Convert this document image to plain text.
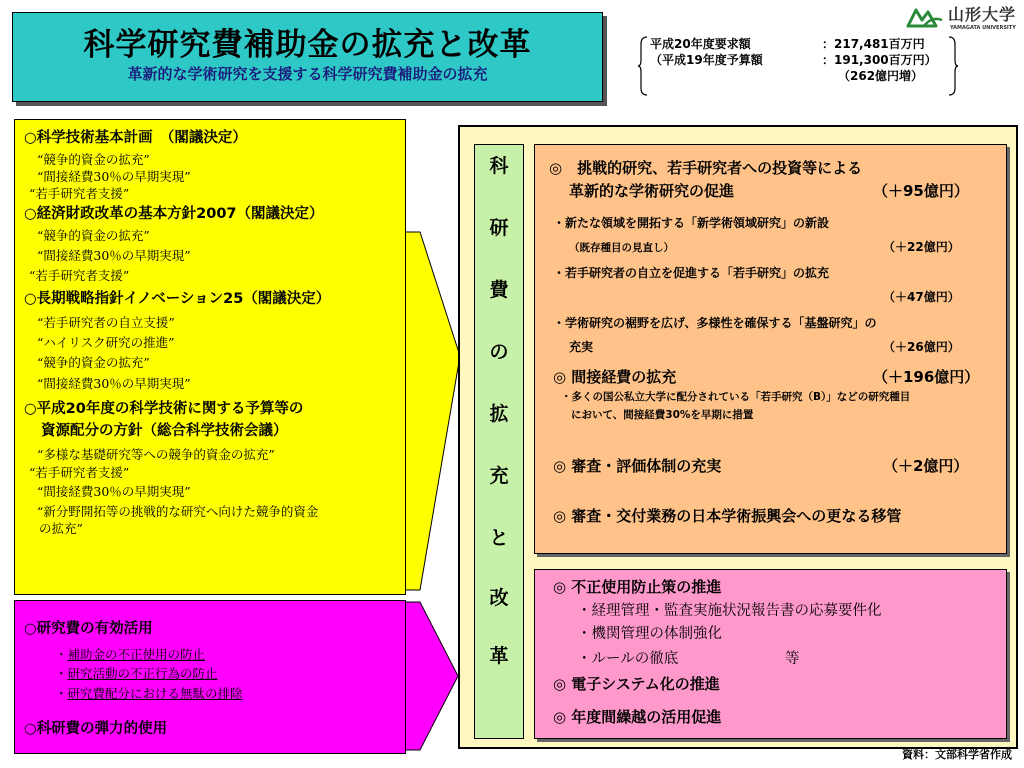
科学研究費補助金の拡充と改革
革新的な学術研究を支援する科学研究費補助金の拡充
山形大学
YAMAGATA UNIVERSITY
平成20年度要求額	：217,481百万円
（平成19年度予算額	：191,300百万円）
（262億円増）
○科学技術基本計画　（閣議決定）
“競争的資金の拡充”
“間接経費30％の早期実現”
“若手研究者支援”
○経済財政改革の基本方針2007（閣議決定）
“競争的資金の拡充”
“間接経費30％の早期実現”
“若手研究者支援”
○長期戦略指針イノベーション25（閣議決定）
“若手研究者の自立支援”
“ハイリスク研究の推進”
“競争的資金の拡充”
“間接経費30％の早期実現”
○平成20年度の科学技術に関する予算等の
資源配分の方針（総合科学技術会議）
“多様な基礎研究等への競争的資金の拡充”
“若手研究者支援”
“間接経費30％の早期実現”
“新分野開拓等の挑戦的な研究へ向けた競争的資金
の拡充”
○研究費の有効活用
・補助金の不正使用の防止
・研究活動の不正行為の防止
・研究費配分における無駄の排除
○科研費の弾力的使用
科
研
費
の
拡
充
と
改
革
◎　挑戦的研究、若手研究者への投資等による
革新的な学術研究の促進	（＋95億円）
・新たな領域を開拓する「新学術領域研究」の新設
（既存種目の見直し）	（＋22億円）
・若手研究者の自立を促進する「若手研究」の拡充
（＋47億円）
・学術研究の裾野を広げ、多様性を確保する「基盤研究」の
充実	（＋26億円）
◎ 間接経費の拡充	（＋196億円）
・多くの国公私立大学に配分されている「若手研究（B）」などの研究種目
において、間接経費30%を早期に措置
◎ 審査・評価体制の充実	（＋2億円）
◎ 審査・交付業務の日本学術振興会への更なる移管
◎ 不正使用防止策の推進
・経理管理・監査実施状況報告書の応募要件化
・機関管理の体制強化
・ルールの徹底	等
◎ 電子システム化の推進
◎ 年度間繰越の活用促進
資料：文部科学省作成
